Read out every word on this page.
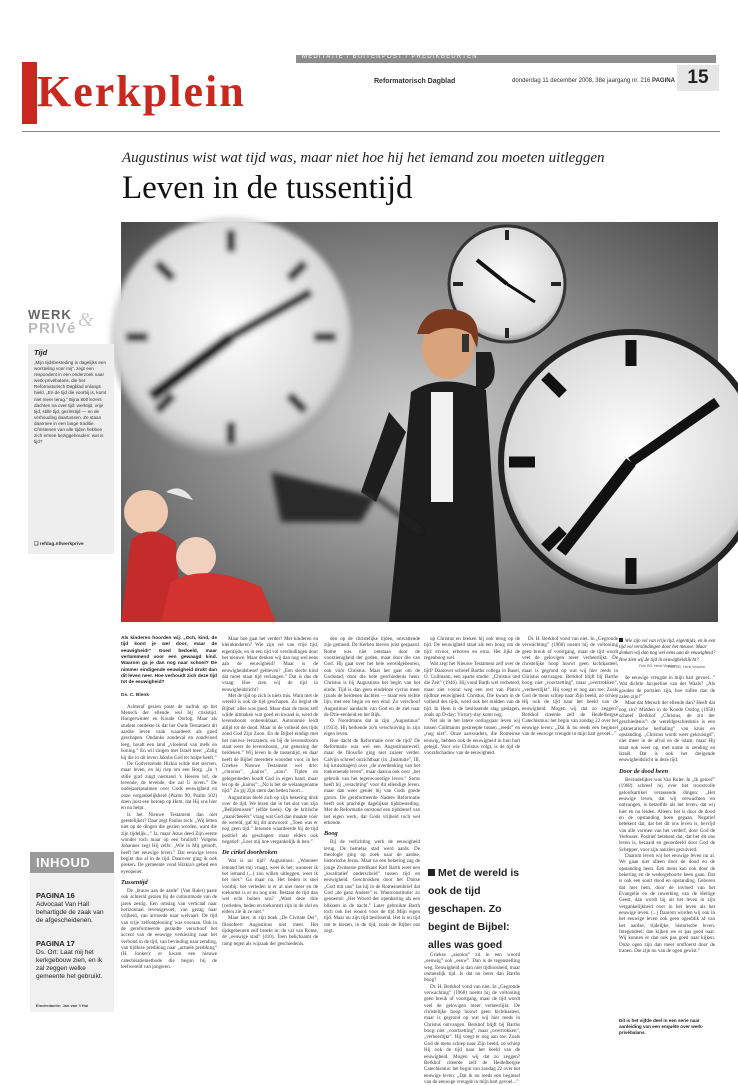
MEDITATIE / BUITENPOST / PREDIKBEURTEN
Kerkplein	Reformatorisch Dagblad	donderdag 11 december 2008, 38e jaargang nr. 216 PAGINA 15
Augustinus wist wat tijd was, maar niet hoe hij het iemand zou moeten uitleggen
Leven in de tussentijd
Foto RD, Henk Visscher
WERK
PRIVé &
Tijd
„Mijn tijdsbesteding is dagelijks een worsteling voor mij”, zegt een respondent in een onderzoek naar werk-privébalans, die het Reformatorisch Dagblad onlangs hield. „En de tijd die voorbij is, komt niet meer terug.” Bijna 800 lezers dachten na over tijd: werktijd, vrije tijd, stille tijd, gezinstijd — en de verhouding daartussen. Ze staan daarmee in een lange traditie. Christenen van alle tijden hebben zich ermee beziggehouden: wat is tijd?
❏ refdag.nl/werkprive
INHOUD
PAGINA 16
Advocaat Van Hall behartigde de zaak van de afgescheidenen.
PAGINA 17
Ds. Ort: Laat mij het kerkgebouw zien, en ik zal zeggen welke gemeente het gebruikt.
Eindredactie: Jan van 't Hul

Als kinderen hoorden wij: „Och, kind, de tijd komt je wel door, maar de eeuwigheid!” Goed bedoeld, maar verlammend voor een gewaagd kind. Waarom ga je dan nog naar school? De nimmer eindigende eeuwigheid drukt dan dit leven neer. Hoe verhoudt zich deze tijd tot de eeuwigheid?

Ds. C. Blenk

Achteraf gezien paste de nadruk op het Mensch der ellende wel bij crisistijd. Hongerwinter en Koude Oorlog. Maar als student ontdekte ik dat het Oude Testament dit aardse leven vaak waardeert als goed geschapen. Ondanks zondeval en zondvloed leeg, houdt een land „vloeiend van melk en honing.” En wil zingen met Israël mee: „Zalig hij die in dit leven Jakobs God ter hulpe heeft.”

De Godvrezende Hizkia wilde niet sterven, maar leven, en hij riep om een Borg. „In 't stille graf zingt niemand 's Heeren lof, de levende, de levende, die zal U loven.” De oudejaarspsalmen over Gods eeuwigheid en onze vergankelijkheid (Psalm 90, Psalm 102) doen juist een beroep op Hem, dat Hij ons hier en nu helpt.

Is het Nieuwe Testament dan niet geestelijker? Daar zegt Paulus toch: „Wij letten niet op de dingen die gezien worden, want die zijn tijdelijk...” Ja, maar Jezus deed Zijn eerste wonder toch maar op een bruiloft! Volgens Johannes zegt Hij zelfs: „Wie in Mij gelooft, heeft het eeuwige leven.” Dat eeuwige leven begint dus al in de tijd. Daarover ging ik ook preken. De gemeente vond Hizkia's gebed een eyeopener.

Tussentijd

De „brauw aan de aarde” (Van Ruler) paste ook achteraf gezien bij de cultuurmode van de jaren zestig. Een omslag van verticaal naar horizontaal levensgevoel, van gezag naar vrijheid, van armoede naar welvaart. De tijd van vrije 'zelfontplooiing' was vooraan. Ook in de gereformeerde gezindte verschoof het accent van de eeuwige verkiezing naar het verbond in de tijd, van bevinding naar zending, van tijdloze prediking naar „actuele prediking” (H. Jonker): er kwam een nieuwe catechisatiemethode die begon bij de leefwereld van jongeren.

Maar hoe gaat het verder? Met kinderen en kleinkinderen? Wie zijn vel van vrije tijd, eigentijds, en in een tijd vol verslindingen door het nieuwe. Maar denken wij dan nog wel eens aan de eeuwigheid? Maar is de eeuwigheidsbesef gebleven? „Een slecht kind dat moet maar tijd verlangen.” Dat is dus de vraag: Hoe zien wij de tijd in eeuwigheidslicht?

Met de tijd op zich is niets mis. Want met de wereld is ook de tijd geschapen. Zo begint de Bijbel: alles was goed. Maar daar de mens zelf wilde uitmaken wat goed en kwaad is, werd de levensboom onbereikbaar. Autonomie leidt altijd tot de dood. Maar in de volheid des tijds zond God Zijn Zoon. En de Bijbel eindigt met het nieuwe Jeruzalem, en bij de levensstroom staat weer de levensboom, „tot genezing der heidenen.” Wij leven in de tussentijd, en daar heeft de Bijbel meerdere woorden voor, in het Griekse Nieuwe Testament wel drie: „chronos”, „kairos”, „aion”. Tijden en gelegenheden houdt God in eigen hand, maar let op de „kairos”: „Nú is het de welaangename tijd.” Zo gij Zijn stem dan heden hoort...

Augustinus hield zich op zijn bekering druk over de tijd. We lezen dat in het slot van zijn „Belijdenissen” (elfde boek). Op de kritische „manicheeërs” vraag wat God dan maakte vóór de wereld, gaf hij dit antwoord: „Toen was er nog geen tijd.” Intussen waardeerde hij de tijd positief als geschapen: maar elders ook negatief: „Leer mij hoe vergankelijk ik ben.”

De cirkel doorbroken

Wat is nu tijd? Augustinus: „Wanneer iemand het mij vraagt, weet ik het; wanneer ik het iemand (...) zou willen uitleggen, weet ik het niet.” Ga maar na. Het heden is snel voorbij: het verleden is er al niet meer en de toekomst is er nu nog niet. Bestaat de tijd dan wel echt buiten ons? „Want deze drie (verleden, heden en toekomst) zijn in de ziel en elders zie ik ze niet.”

Maar later, in zijn boek „De Civitate Dei”, filosofeert Augustinus niet meer. Het tijdsgebeuren zelf breekt in: de val van Rome, de „eeuwige stad” (410). Toen belichaamt de ramp tegen als wijzaak der geschiedenis.

den op de christelijke tijden, omvattende zijn gemoed. De Kerken bleven juist gespaard. Rome was niet ontstaan door de voorzienigheid der goden, maar door die van God. Hij gaat over het hele wereldgebeuren, ook vóór Christus. Maar het gaat om de Godsstad, door die hele geschiedenis heen. Christus is bij Augustinus het begin van het einde. Tijd is dan geen eindeloze cyclus meer (zoals de heidenen dachten — maar een rechte lijn, met een begin en een eind. Zo verschoof Augustinus' aandacht van God en de ziel naar de Drie-eenheid en het Rijk.

O. Noordmans dat in zijn „Augustinus” (1933). Hij herkende zo'n verschuiving in zijn eigen leven.

Hoe dacht de Reformatie over de tijd? De Reformatie was wel een Augustinusreveil, maar de filosofie ging niet zozeer verder. Calvijn schreef onzichtbaar (in „Institutie”, III, bij kruisdragen) over „de overdenking van het toekomende leven”, maar daarna ook over „het gebruik van het tegenwoordige leven.” Soms heeft hij „verachting” voor dit ellendige leven, maar dan weer geniet hij van Gods goede gaven. De gereformeerde Nadere Reformatie heeft ook prachtige dagelijkse tijdsbesteding. Met de Reformatie ontstond een tijdsbesef van het eigen werk, dat Gods vrijheid toch wel erkende.

Boog

Bij de verlichting werk de eeuwigheid terug. De hemelse stad werd aards. De theologie ging op zoek naar de aardse, historische Jezus. Maar na een bekering zag de jonge Zwitserse predikant Karl Barth weer een „kwalitatief onderscheid” tussen tijd en eeuwigheid. Geschrokken door het Duitse „Gott mit uns” las hij in de Romeinenbrief dat God „de ganz Andere” is. Wantconstitutie: zo genoemd: „Het Woord der openbaring als een bliksem in de nacht.” Later gebruikte Barth toch ook het woord voor de tijd Mijn eigen tijd. Maar nu zijn tijd beslissend. Het is nu tijd om te kiezen, in de tijd, zoals de Bijbel ons zegt.

op Christus en breken hij ook terug op de tijd. De eeuwigheid staat als een boog om de tijd: ervoor, erboven en erna. Het lijkt de regenboog wel.

Wat zegt het Nieuwe Testament zelf over de tijd? Daarover schreef Barths collega in Basel, O. Cullmann, een aparte studie: „Christus und die Zeit” (1946). Hij vond Barth wel verbeterd, maar ziet vooral weg een rest van Plato's tijdloze eeuwigheid. Christus, Die kwam in de volheid des tijds, werd ook het midden van de tijd. In Hem is de beslissende slag geslagen, zoals op D-day; Victory-day komt nog.

Net als in het latere oorlogsjaar leven wij tussen Cullmanns gestreepte tussen „reeds” en „nog niet”. Onze aartsvaders, die Romeinse eeuwig, hebben ook de eeuwigheid in hun hart gelegd. Voor wie Christus volgt, is de tijd de voorafschaduw van de eeuwigheid.

Met de wereld is ook de tijd geschapen. Zo begint de Bijbel: alles was goed

Griekse „aionios” zit in een woord „eeuwig” ook „eeuw”. Dan is de tegenstelling weg. Eeuwigheid is dan niet tijdloosheid, maar onmetelijk tijd. Is dat nu beter dan Barths boog?

Dr. H. Berkhof vond van niet. In „Gegronde verwachting” (1968) noemt hij de voltooiing geen breuk of voortgang, maar de tijd wordt veel de gelovigen meer verheerlijkt. De christelijke hoop houwt geen kichtkasteel, maar is gegrond op wat wij hier reeds in Christus ontvangen. Berkhof blijft bij Barths boog: niet „voortzetting”, maar „overtrokken”, „verheerlijkt”. Hij voegt er nog aan toe: Zoals God de mens schiep naar Zijn beeld, zo schiep Hij ook de tijd naar het beeld van de eeuwigheid. Mogen wij dat zo zeggen? Berkhof citeerde zelf de Heidelbergse Catechismus: het begin van zondag 22 over het eeuwige leven: „Dat ik nu reeds een beginsel van de eeuwige vreugde in mijn hart gevoel...”

Dr. H. Berkhof vond van niet. In „Gegronde verwachting” (1968) noemt hij de voltooiing geen breuk of voortgang, maar de tijd wordt veel de gelovigen meer verheerlijkt. De christelijke hoop houwt geen kichtkasteel, maar is gegrond op wat wij hier reeds in Christus ontvangen. Berkhof blijft bij Barths boog: niet „voortzetting”, maar „overtrokken”, „verheerlijkt”. Hij voegt er nog aan toe: Zoals God de mens schiep naar Zijn beeld, zo schiep Hij ook de tijd naar het beeld van de eeuwigheid. Mogen wij dat zo zeggen? Berkhof citeerde zelf de Heidelbergse Catechismus: het begin van zondag 22 over het eeuwige leven: „Dat ik nu reeds een beginsel van de eeuwige vreugde in mijn hart gevoel...”

Wie zijn vel van vrije tijd, eigentijds, en in een tijd vol verslindingen door het nieuwe. Maar denken wij dan nog wel eens aan de eeuwigheid? Hoe zien wij de tijd in eeuwigheidslicht? Foto RD, Henk Visscher

de eeuwige vreugde in mijn hart gevoel...” Wat dichtte Jacqueline van der Waals? „Als gouden de portalen zijn, hoe zullen dan de zalen zijn!”

Maar dat Mensch der ellende dan? Heeft dat nog zin? Midden in de Koude Oorlog (1958) schreef Berkhof „Christus, de zin der geschiedenis”: de wereldgeschiedenis is een „planetarische herhaling” van kruis en opstanding. „Christus wordt weer gekruisigd”, niet meer in de afval en de islam: maar Hij staat ook weer op, met name in zending en Israël. Dat is ook het dreigende eeuwigheidslicht in deze tijd.

Door de dood heen

Bevindelijker was Van Ruler. In „Ik geloof” (1968) schreef hij over het troostvolle geloofsartikel verassende dingen: „Het eeuwige leven, dat wij verwachten en ontvangen, is hetzelfde als het leven, dat wij hier en nu leiden. Alleen: het is door de dood en de opstanding heen gegaan. Negatief betekent dat, dat het dit ons leven is, bevrijd van alle vormen van het verderf, door God de Verlosser. Positief betekent dat, dat het dit ons leven is, bezaaid en geoordeeld door God de Schepper, voor zijn aanzien gezuiverd.

Daarom leven wij het eeuwige leven nu al. We gaan niet alleen door de dood en de opstanding heen. Een mens kan ook door de bekering en de wedergeboorte heen gaan. Dat is ook een soort dood en opstanding. Geboren dat met hem, door de invloed van het Evangelie en de inwerking van de Heilige Geest, dan wordt hij uit het leven in zijn vergankelijkheid over in het leven als het eeuwige leven. (...) Daarom worden wij ook in het eeuwige leven ook geen ogenblik af van het aardse, tijdelijke, historische leven. Integendeel: dan kijken we er pas goed naar. Wij kunnen er dan ook pas goed naar kijken. Onze ogen zijn dan meer omfloerst door de tranen. Die zijn nu van de ogen gewist.”

Dit is het vijfde deel in een serie naar aanleiding van een enquête over werk-privébalans.
